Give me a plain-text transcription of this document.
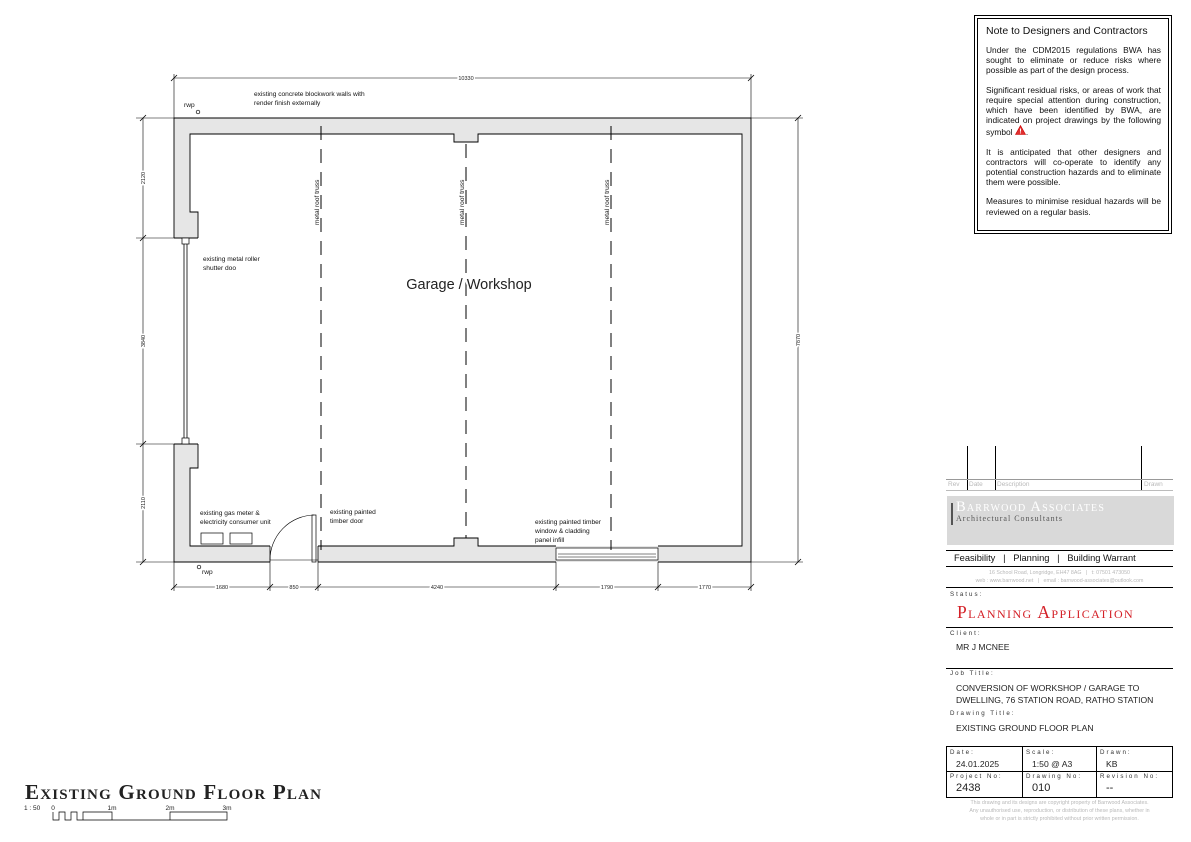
metal roof truss	metal roof truss	metal roof truss
10330
2120
3840
2110
7870
1680	850	4240	1790	1770
Garage / Workshop
existing concrete blockwork walls with
render finish externally
rwp
rwp
existing metal roller
shutter doo
existing gas meter &
electricity consumer unit
existing painted
timber door	existing painted timber
window & cladding
panel infill
1 : 50 0	1m	2m	3m
Existing Ground Floor Plan
Note to Designers and Contractors

Under the CDM2015 regulations BWA has sought to eliminate or reduce risks where possible as part of the design process.

Significant residual risks, or areas of work that require special attention during construction, which have been identified by BWA, are indicated on project drawings by the following symbol .

It is anticipated that other designers and contractors will co-operate to identify any potential construction hazards and to eliminate them were possible.

Measures to minimise residual hazards will be reviewed on a regular basis.

Rev Date Description	Drawn
Barrwood Associates
Architectural Consultants
Feasibility   |   Planning   |   Building Warrant
16 School Road, Longridge, EH47 8AG   |   t: 07501 473050
web : www.barrwood.net   |   email : barrwood-associates@outlook.com
Status:
Planning Application
Client:
MR J MCNEE
Job Title:
CONVERSION OF WORKSHOP / GARAGE TO
DWELLING, 76 STATION ROAD, RATHO STATION
Drawing Title:
EXISTING GROUND FLOOR PLAN
Date:
24.01.2025
Scale:
1:50 @ A3
Drawn:
KB
Project No:
2438
Drawing No:
010
Revision No:
--
This drawing and its designs are copyright property of Barrwood Associates.
Any unauthorised use, reproduction, or distribution of these plans, whether in
whole or in part is strictly prohibited without prior written permission.
